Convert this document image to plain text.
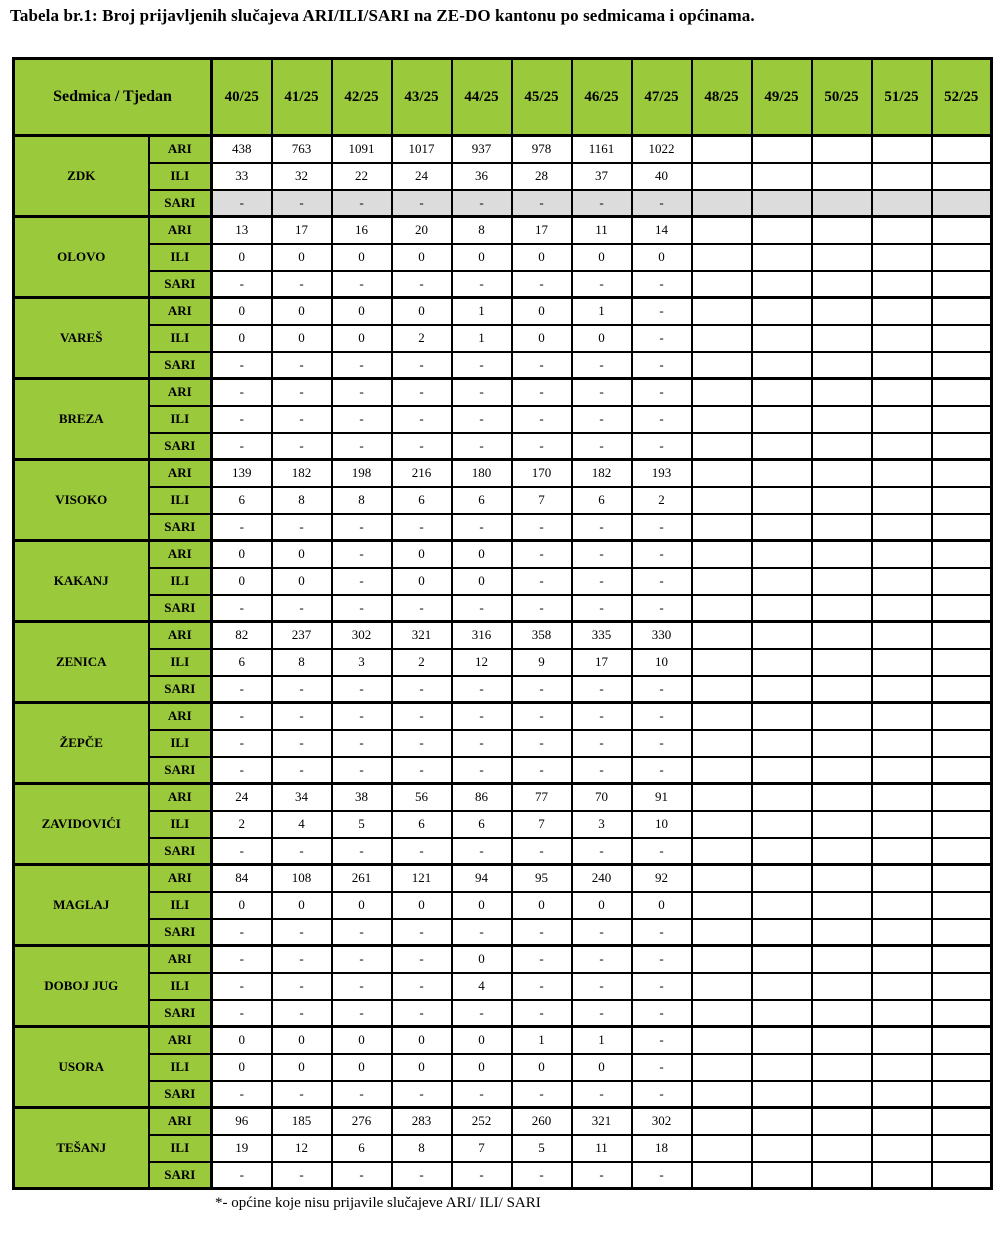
Tabela br.1: Broj prijavljenih slučajeva ARI/ILI/SARI na ZE-DO kantonu po sedmicama i općinama.
Sedmica / Tjedan		40/25	41/25	42/25	43/25	44/25	45/25	46/25	47/25	48/25	49/25	50/25	51/25	52/25
ZDK	ARI	438	763	1091	1017	937	978	1161	1022					
	ILI	33	32	22	24	36	28	37	40					
	SARI	-	-	-	-	-	-	-	-					
OLOVO	ARI	13	17	16	20	8	17	11	14					
	ILI	0	0	0	0	0	0	0	0					
	SARI	-	-	-	-	-	-	-	-					
VAREŠ	ARI	0	0	0	0	1	0	1	-					
	ILI	0	0	0	2	1	0	0	-					
	SARI	-	-	-	-	-	-	-	-					
BREZA	ARI	-	-	-	-	-	-	-	-					
	ILI	-	-	-	-	-	-	-	-					
	SARI	-	-	-	-	-	-	-	-					
VISOKO	ARI	139	182	198	216	180	170	182	193					
	ILI	6	8	8	6	6	7	6	2					
	SARI	-	-	-	-	-	-	-	-					
KAKANJ	ARI	0	0	-	0	0	-	-	-					
	ILI	0	0	-	0	0	-	-	-					
	SARI	-	-	-	-	-	-	-	-					
ZENICA	ARI	82	237	302	321	316	358	335	330					
	ILI	6	8	3	2	12	9	17	10					
	SARI	-	-	-	-	-	-	-	-					
ŽEPČE	ARI	-	-	-	-	-	-	-	-					
	ILI	-	-	-	-	-	-	-	-					
	SARI	-	-	-	-	-	-	-	-					
ZAVIDOVIĆI	ARI	24	34	38	56	86	77	70	91					
	ILI	2	4	5	6	6	7	3	10					
	SARI	-	-	-	-	-	-	-	-					
MAGLAJ	ARI	84	108	261	121	94	95	240	92					
	ILI	0	0	0	0	0	0	0	0					
	SARI	-	-	-	-	-	-	-	-					
DOBOJ JUG	ARI	-	-	-	-	0	-	-	-					
	ILI	-	-	-	-	4	-	-	-					
	SARI	-	-	-	-	-	-	-	-					
USORA	ARI	0	0	0	0	0	1	1	-					
	ILI	0	0	0	0	0	0	0	-					
	SARI	-	-	-	-	-	-	-	-					
TEŠANJ	ARI	96	185	276	283	252	260	321	302					
	ILI	19	12	6	8	7	5	11	18					
	SARI	-	-	-	-	-	-	-	-					
*- općine koje nisu prijavile slučajeve ARI/ ILI/ SARI
